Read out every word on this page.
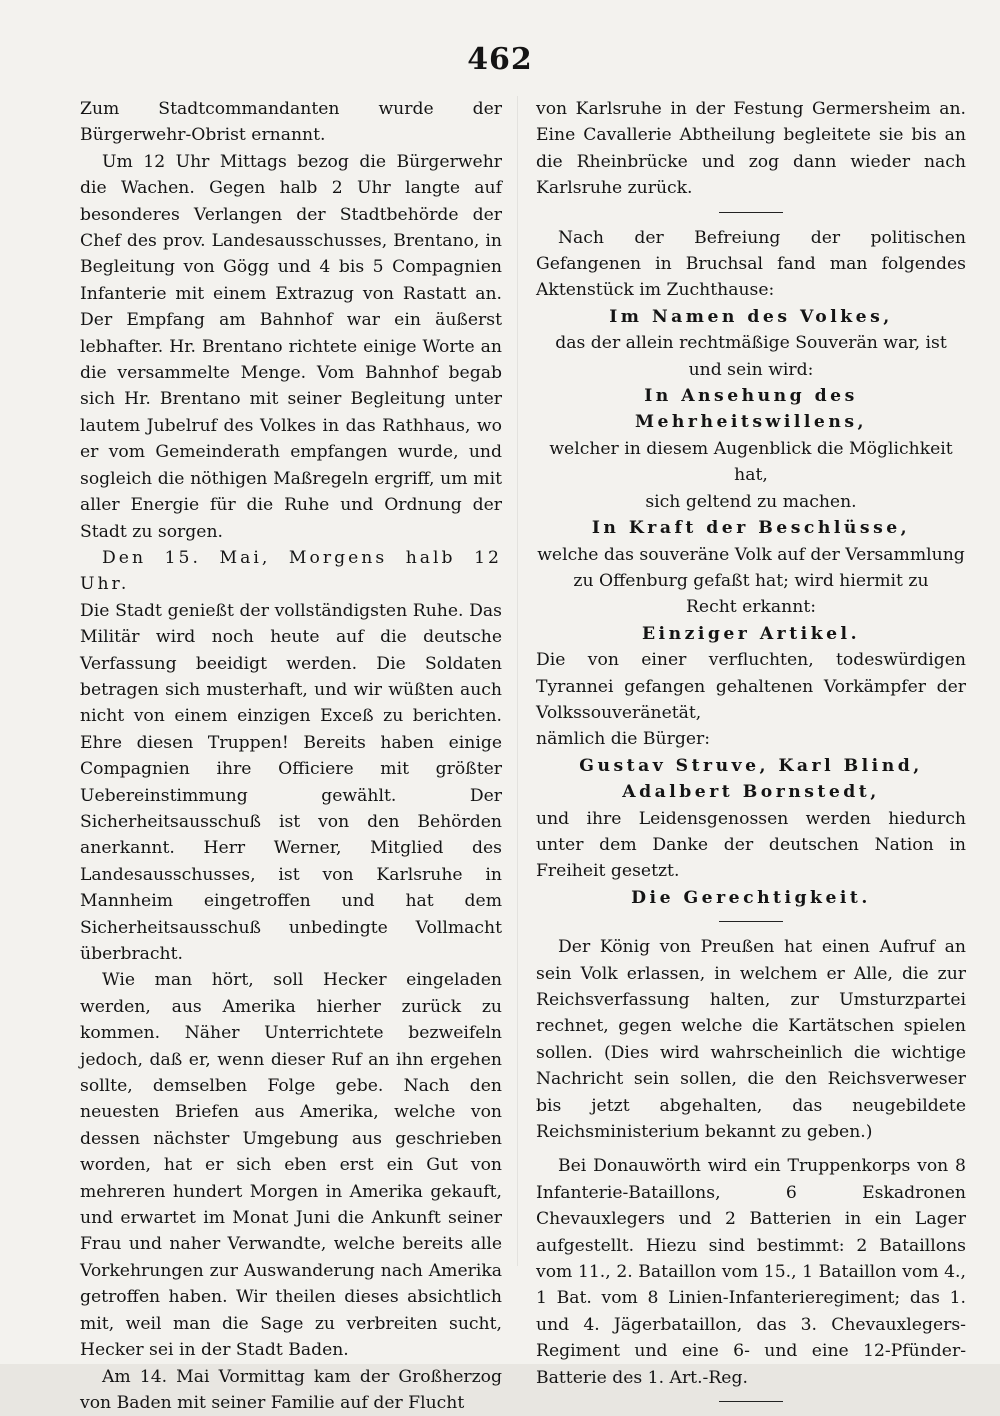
462

Zum Stadtcommandanten wurde der Bürgerwehr-Obrist ernannt.

Um 12 Uhr Mittags bezog die Bürgerwehr die Wachen. Gegen halb 2 Uhr langte auf besonderes Verlangen der Stadtbehörde der Chef des prov. Landesausschusses, Brentano, in Begleitung von Gögg und 4 bis 5 Compagnien Infanterie mit einem Extrazug von Rastatt an. Der Empfang am Bahnhof war ein äußerst lebhafter. Hr. Brentano richtete einige Worte an die versammelte Menge. Vom Bahnhof begab sich Hr. Brentano mit seiner Begleitung unter lautem Jubelruf des Volkes in das Rathhaus, wo er vom Gemeinderath empfangen wurde, und sogleich die nöthigen Maßregeln ergriff, um mit aller Energie für die Ruhe und Ordnung der Stadt zu sorgen.

Den 15. Mai, Morgens halb 12 Uhr.

Die Stadt genießt der vollständigsten Ruhe. Das Militär wird noch heute auf die deutsche Verfassung beeidigt werden. Die Soldaten betragen sich musterhaft, und wir wüßten auch nicht von einem einzigen Exceß zu berichten. Ehre diesen Truppen! Bereits haben einige Compagnien ihre Officiere mit größter Uebereinstimmung gewählt. Der Sicherheitsausschuß ist von den Behörden anerkannt. Herr Werner, Mitglied des Landesausschusses, ist von Karlsruhe in Mannheim eingetroffen und hat dem Sicherheitsausschuß unbedingte Vollmacht überbracht.

Wie man hört, soll Hecker eingeladen werden, aus Amerika hierher zurück zu kommen. Näher Unterrichtete bezweifeln jedoch, daß er, wenn dieser Ruf an ihn ergehen sollte, demselben Folge gebe. Nach den neuesten Briefen aus Amerika, welche von dessen nächster Umgebung aus geschrieben worden, hat er sich eben erst ein Gut von mehreren hundert Morgen in Amerika gekauft, und erwartet im Monat Juni die Ankunft seiner Frau und naher Verwandte, welche bereits alle Vorkehrungen zur Auswanderung nach Amerika getroffen haben. Wir theilen dieses absichtlich mit, weil man die Sage zu verbreiten sucht, Hecker sei in der Stadt Baden.

Am 14. Mai Vormittag kam der Großherzog von Baden mit seiner Familie auf der Flucht

von Karlsruhe in der Festung Germersheim an. Eine Cavallerie Abtheilung begleitete sie bis an die Rheinbrücke und zog dann wieder nach Karlsruhe zurück.

Nach der Befreiung der politischen Gefangenen in Bruchsal fand man folgendes Aktenstück im Zuchthause:

Im Namen des Volkes,

das der allein rechtmäßige Souverän war, ist

und sein wird:

In Ansehung des Mehrheitswillens,

welcher in diesem Augenblick die Möglichkeit hat,

sich geltend zu machen.

In Kraft der Beschlüsse,

welche das souveräne Volk auf der Versammlung

zu Offenburg gefaßt hat; wird hiermit zu

Recht erkannt:

Einziger Artikel.

Die von einer verfluchten, todeswürdigen Tyrannei gefangen gehaltenen Vorkämpfer der Volkssouveränetät,

nämlich die Bürger:

Gustav Struve, Karl Blind,

Adalbert Bornstedt,

und ihre Leidensgenossen werden hiedurch unter dem Danke der deutschen Nation in Freiheit gesetzt.

Die Gerechtigkeit.

Der König von Preußen hat einen Aufruf an sein Volk erlassen, in welchem er Alle, die zur Reichsverfassung halten, zur Umsturzpartei rechnet, gegen welche die Kartätschen spielen sollen. (Dies wird wahrscheinlich die wichtige Nachricht sein sollen, die den Reichsverweser bis jetzt abgehalten, das neugebildete Reichsministerium bekannt zu geben.)

Bei Donauwörth wird ein Truppenkorps von 8 Infanterie-Bataillons, 6 Eskadronen Chevauxlegers und 2 Batterien in ein Lager aufgestellt. Hiezu sind bestimmt: 2 Bataillons vom 11., 2. Bataillon vom 15., 1 Bataillon vom 4., 1 Bat. vom 8 Linien-Infanterieregiment; das 1. und 4. Jägerbataillon, das 3. Chevauxlegers-Regiment und eine 6- und eine 12-Pfünder-Batterie des 1. Art.-Reg.
